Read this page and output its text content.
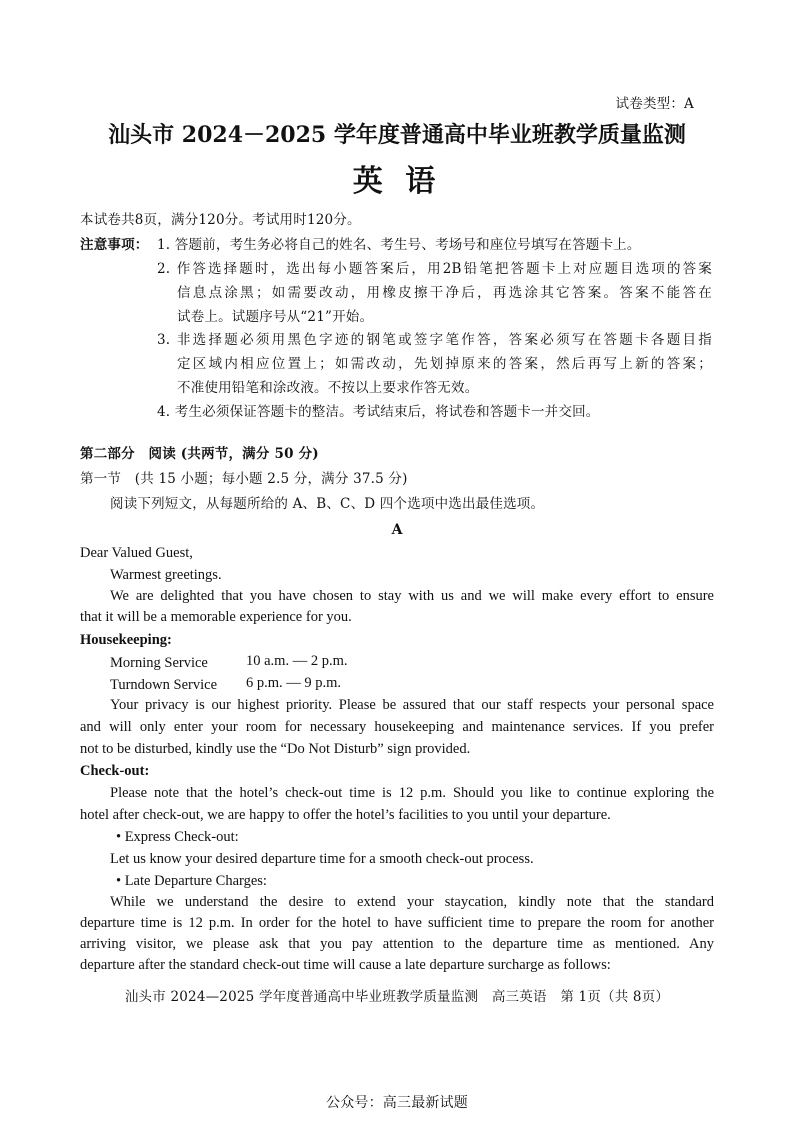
试卷类型：A
汕头市 2024－2025 学年度普通高中毕业班教学质量监测
英 语
本试卷共8页，满分120分。考试用时120分。
注意事项： 1. 答题前，考生务必将自己的姓名、考生号、考场号和座位号填写在答题卡上。
2. 作答选择题时，选出每小题答案后，用2B铅笔把答题卡上对应题目选项的答案
信息点涂黑；如需要改动，用橡皮擦干净后，再选涂其它答案。答案不能答在
试卷上。试题序号从“21”开始。
3. 非选择题必须用黑色字迹的钢笔或签字笔作答，答案必须写在答题卡各题目指
定区域内相应位置上；如需改动，先划掉原来的答案，然后再写上新的答案；
不准使用铅笔和涂改液。不按以上要求作答无效。
4. 考生必须保证答题卡的整洁。考试结束后，将试卷和答题卡一并交回。
第二部分　阅读 (共两节，满分 50 分)
第一节　(共 15 小题；每小题 2.5 分，满分 37.5 分)
阅读下列短文，从每题所给的 A、B、C、D 四个选项中选出最佳选项。
A
Dear Valued Guest,
Warmest greetings.
We are delighted that you have chosen to stay with us and we will make every effort to ensure
that it will be a memorable experience for you.
Housekeeping:
Morning Service	10 a.m. — 2 p.m.
Turndown Service 6 p.m. — 9 p.m.
Your privacy is our highest priority. Please be assured that our staff respects your personal space
and will only enter your room for necessary housekeeping and maintenance services. If you prefer
not to be disturbed, kindly use the “Do Not Disturb” sign provided.
Check-out:
Please note that the hotel’s check-out time is 12 p.m. Should you like to continue exploring the
hotel after check-out, we are happy to offer the hotel’s facilities to you until your departure.
• Express Check-out:
Let us know your desired departure time for a smooth check-out process.
• Late Departure Charges:
While we understand the desire to extend your staycation, kindly note that the standard
departure time is 12 p.m. In order for the hotel to have sufficient time to prepare the room for another
arriving visitor, we please ask that you pay attention to the departure time as mentioned. Any
departure after the standard check-out time will cause a late departure surcharge as follows:
汕头市 2024—2025 学年度普通高中毕业班教学质量监测　高三英语　第 1页（共 8页）
公众号：高三最新试题
